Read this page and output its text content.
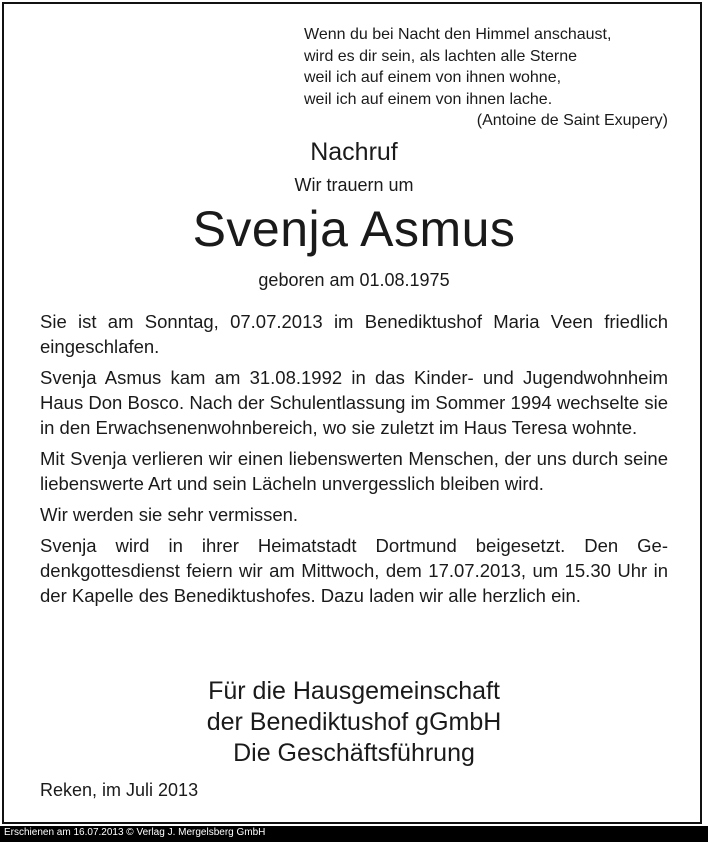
Wenn du bei Nacht den Himmel anschaust,
wird es dir sein, als lachten alle Sterne
weil ich auf einem von ihnen wohne,
weil ich auf einem von ihnen lache.
(Antoine de Saint Exupery)
Nachruf
Wir trauern um
Svenja Asmus
geboren am 01.08.1975

Sie ist am Sonntag, 07.07.2013 im Benediktushof Maria Veen friedlich eingeschlafen.

Svenja Asmus kam am 31.08.1992 in das Kinder- und Jugendwohnheim Haus Don Bosco. Nach der Schulentlassung im Sommer 1994 wechselte sie in den Erwachsenenwohnbereich, wo sie zuletzt im Haus Teresa wohnte.

Mit Svenja verlieren wir einen liebenswerten Menschen, der uns durch seine liebenswerte Art und sein Lächeln unvergesslich bleiben wird.

Wir werden sie sehr vermissen.

Svenja wird in ihrer Heimatstadt Dortmund beigesetzt. Den Gedenkgottesdienst feiern wir am Mittwoch, dem 17.07.2013, um 15.30 Uhr in der Kapelle des Benediktushofes. Dazu laden wir alle herzlich ein.

Für die Hausgemeinschaft
der Benediktushof gGmbH
Die Geschäftsführung
Reken, im Juli 2013
Erschienen am 16.07.2013 © Verlag J. Mergelsberg GmbH
